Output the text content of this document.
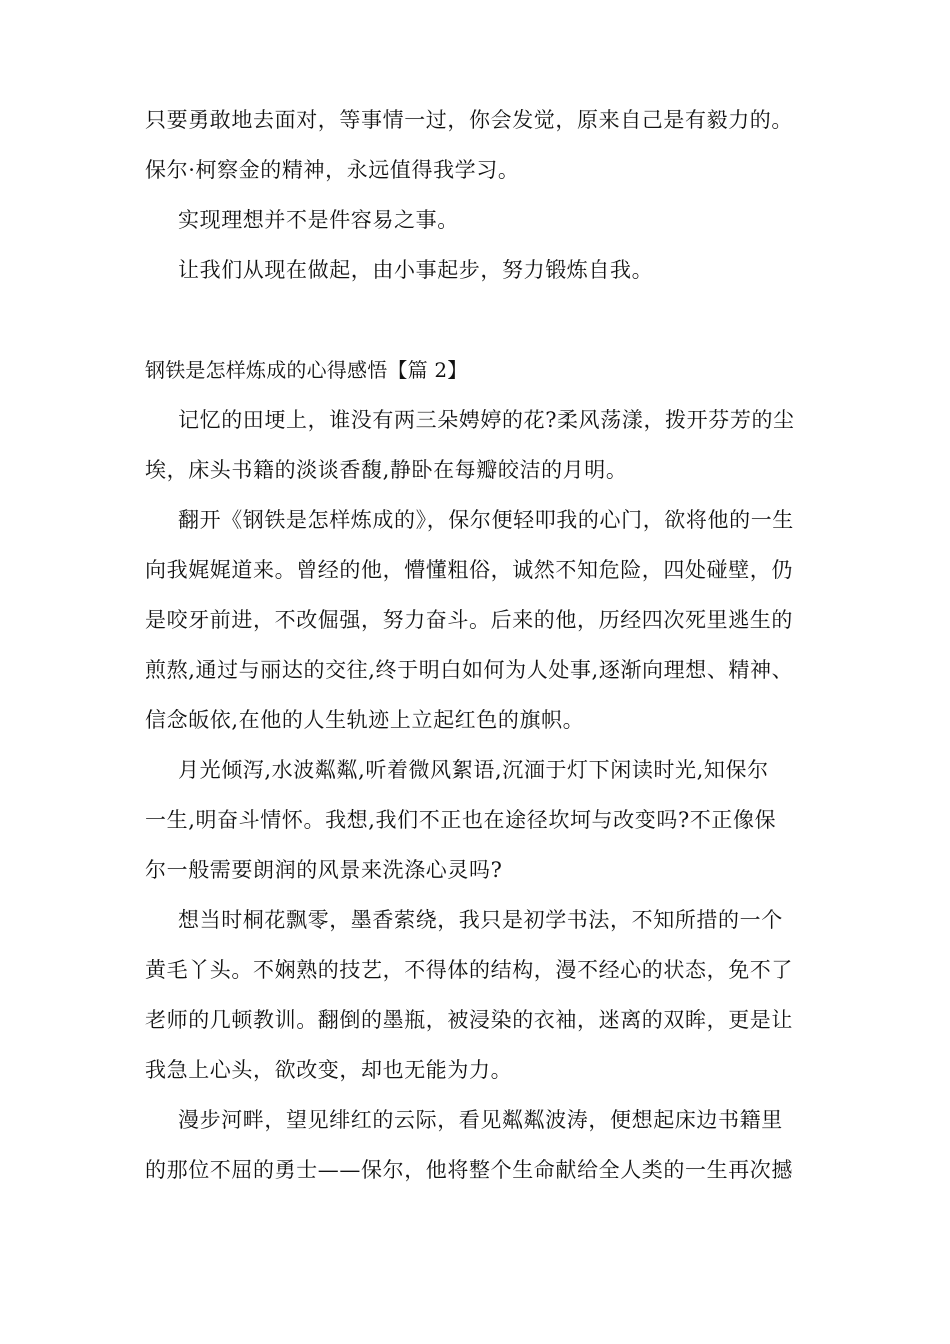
只要勇敢地去面对，等事情一过，你会发觉，原来自己是有毅力的。
保尔·柯察金的精神，永远值得我学习。
实现理想并不是件容易之事。
让我们从现在做起，由小事起步，努力锻炼自我。
钢铁是怎样炼成的心得感悟【篇 2】
记忆的田埂上，谁没有两三朵娉婷的花?柔风荡漾，拨开芬芳的尘
埃，床头书籍的淡谈香馥,静卧在每瓣皎洁的月明。
翻开《钢铁是怎样炼成的》，保尔便轻叩我的心门，欲将他的一生
向我娓娓道来。曾经的他，懵懂粗俗，诚然不知危险，四处碰壁，仍
是咬牙前进，不改倔强，努力奋斗。后来的他，历经四次死里逃生的
煎熬,通过与丽达的交往,终于明白如何为人处事,逐渐向理想、精神、
信念皈依,在他的人生轨迹上立起红色的旗帜。
月光倾泻,水波粼粼,听着微风絮语,沉湎于灯下闲读时光,知保尔
一生,明奋斗情怀。我想,我们不正也在途径坎坷与改变吗?不正像保
尔一般需要朗润的风景来洗涤心灵吗?
想当时桐花飘零，墨香萦绕，我只是初学书法，不知所措的一个
黄毛丫头。不娴熟的技艺，不得体的结构，漫不经心的状态，免不了
老师的几顿教训。翻倒的墨瓶，被浸染的衣袖，迷离的双眸，更是让
我急上心头，欲改变，却也无能为力。
漫步河畔，望见绯红的云际，看见粼粼波涛，便想起床边书籍里
的那位不屈的勇士——保尔，他将整个生命献给全人类的一生再次撼
